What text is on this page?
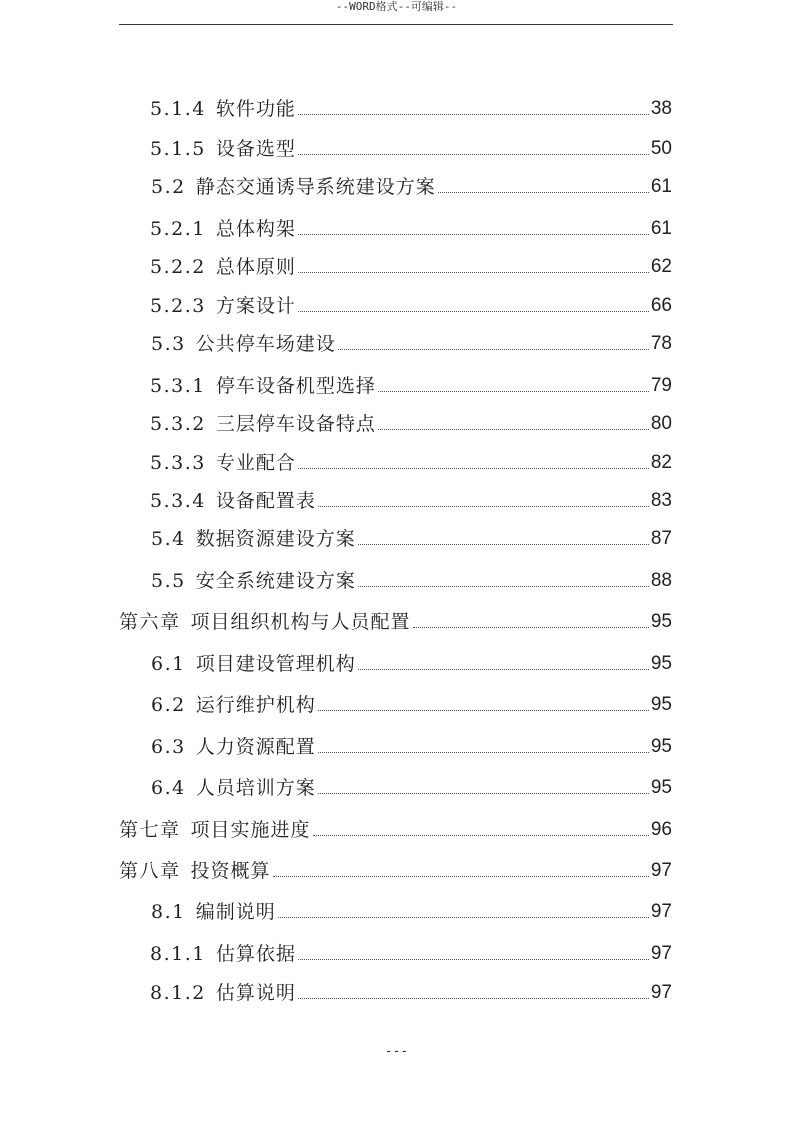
--WORD格式--可编辑--
5.1.4 软件功能	38
5.1.5 设备选型	50
5.2 静态交通诱导系统建设方案	61
5.2.1 总体构架	61
5.2.2 总体原则	62
5.2.3 方案设计	66
5.3 公共停车场建设	78
5.3.1 停车设备机型选择	79
5.3.2 三层停车设备特点	80
5.3.3 专业配合	82
5.3.4 设备配置表	83
5.4 数据资源建设方案	87
5.5 安全系统建设方案	88
第六章 项目组织机构与人员配置	95
6.1 项目建设管理机构	95
6.2 运行维护机构	95
6.3 人力资源配置	95
6.4 人员培训方案	95
第七章 项目实施进度	96
第八章 投资概算	97
8.1 编制说明	97
8.1.1 估算依据	97
8.1.2 估算说明	97
---
